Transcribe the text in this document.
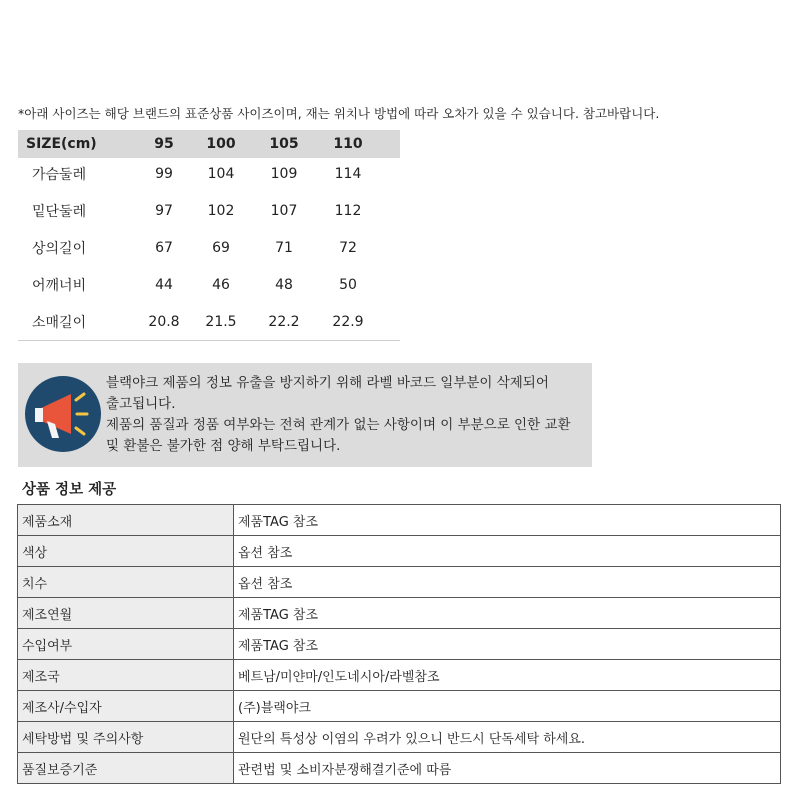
*아래 사이즈는 해당 브랜드의 표준상품 사이즈이며, 재는 위치나 방법에 따라 오차가 있을 수 있습니다. 참고바랍니다.
SIZE(cm)	95	100	105	110
가슴둘레	99	104	109	114
밑단둘레	97	102	107	112
상의길이	67	69	71	72
어깨너비	44	46	48	50
소매길이	20.8	21.5	22.2	22.9
블랙야크 제품의 정보 유출을 방지하기 위해 라벨 바코드 일부분이 삭제되어
출고됩니다.
제품의 품질과 정품 여부와는 전혀 관계가 없는 사항이며 이 부분으로 인한 교환
및 환불은 불가한 점 양해 부탁드립니다.
상품 정보 제공
제품소재	제품TAG 참조
색상	옵션 참조
치수	옵션 참조
제조연월	제품TAG 참조
수입여부	제품TAG 참조
제조국	베트남/미얀마/인도네시아/라벨참조
제조사/수입자	(주)블랙야크
세탁방법 및 주의사항	원단의 특성상 이염의 우려가 있으니 반드시 단독세탁 하세요.
품질보증기준	관련법 및 소비자분쟁해결기준에 따름
